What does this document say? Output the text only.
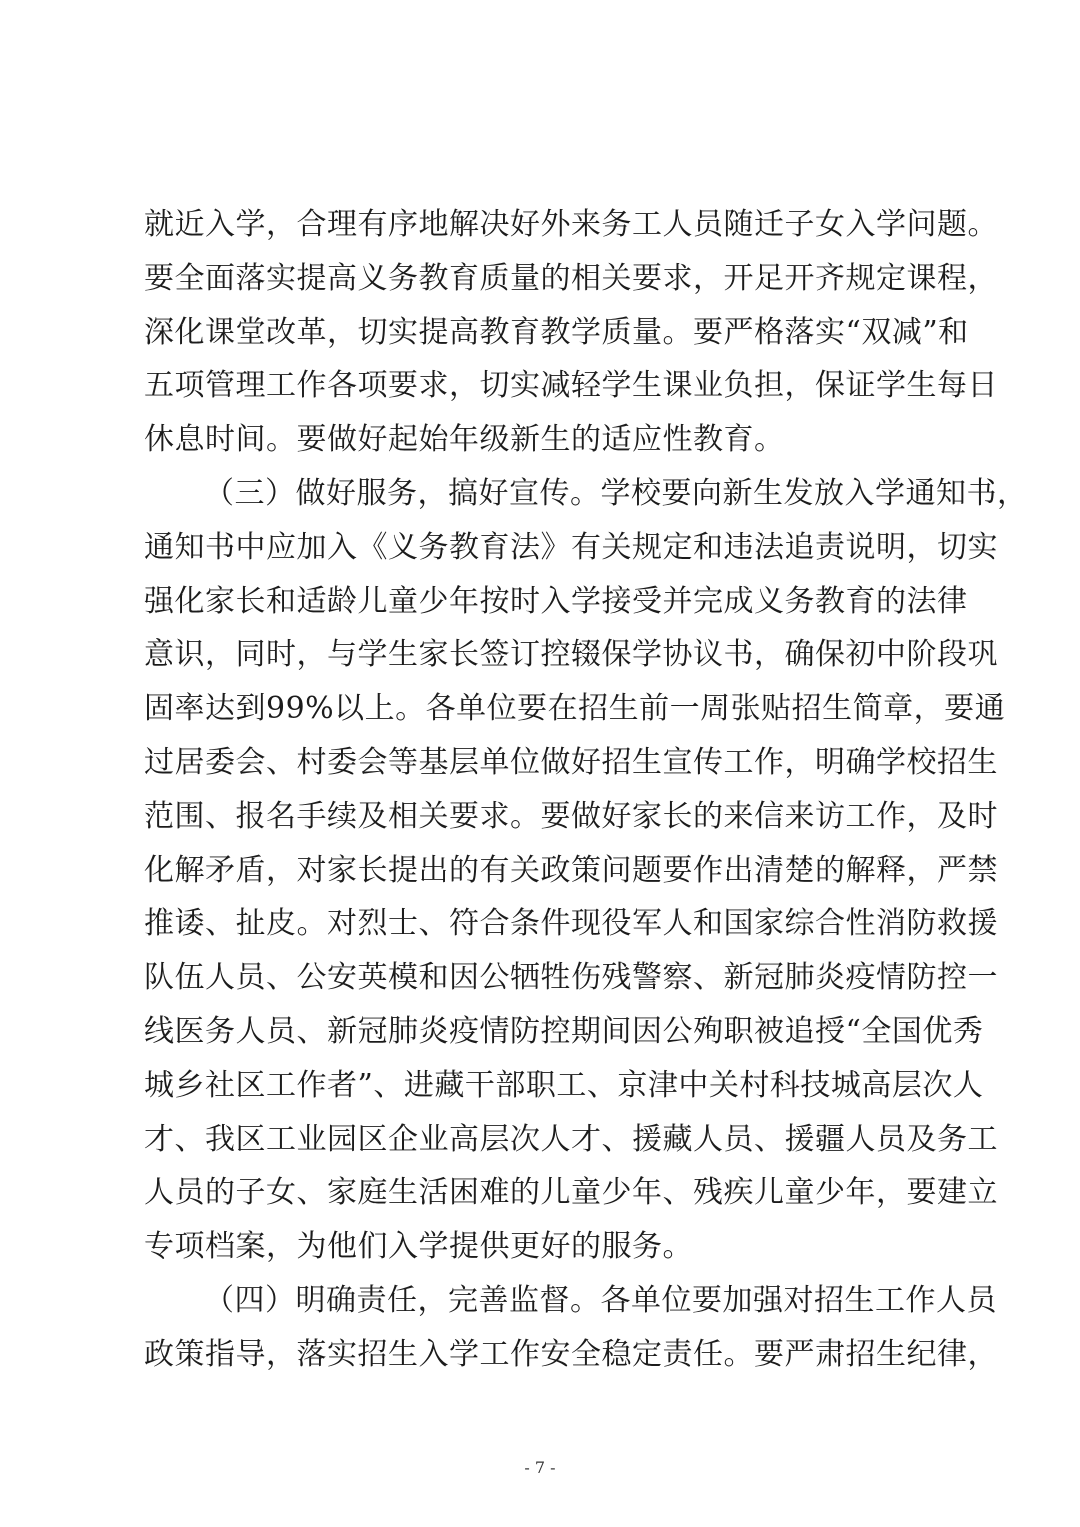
就近入学，合理有序地解决好外来务工人员随迁子女入学问题。
要全面落实提高义务教育质量的相关要求，开足开齐规定课程，
深化课堂改革，切实提高教育教学质量。要严格落实“双减”和
五项管理工作各项要求，切实减轻学生课业负担，保证学生每日
休息时间。要做好起始年级新生的适应性教育。
（三）做好服务，搞好宣传。学校要向新生发放入学通知书，
通知书中应加入《义务教育法》有关规定和违法追责说明，切实
强化家长和适龄儿童少年按时入学接受并完成义务教育的法律
意识，同时，与学生家长签订控辍保学协议书，确保初中阶段巩
固率达到99%以上。各单位要在招生前一周张贴招生简章，要通
过居委会、村委会等基层单位做好招生宣传工作，明确学校招生
范围、报名手续及相关要求。要做好家长的来信来访工作，及时
化解矛盾，对家长提出的有关政策问题要作出清楚的解释，严禁
推诿、扯皮。对烈士、符合条件现役军人和国家综合性消防救援
队伍人员、公安英模和因公牺牲伤残警察、新冠肺炎疫情防控一
线医务人员、新冠肺炎疫情防控期间因公殉职被追授“全国优秀
城乡社区工作者”、进藏干部职工、京津中关村科技城高层次人
才、我区工业园区企业高层次人才、援藏人员、援疆人员及务工
人员的子女、家庭生活困难的儿童少年、残疾儿童少年，要建立
专项档案，为他们入学提供更好的服务。
（四）明确责任，完善监督。各单位要加强对招生工作人员
政策指导，落实招生入学工作安全稳定责任。要严肃招生纪律，
- 7 -
